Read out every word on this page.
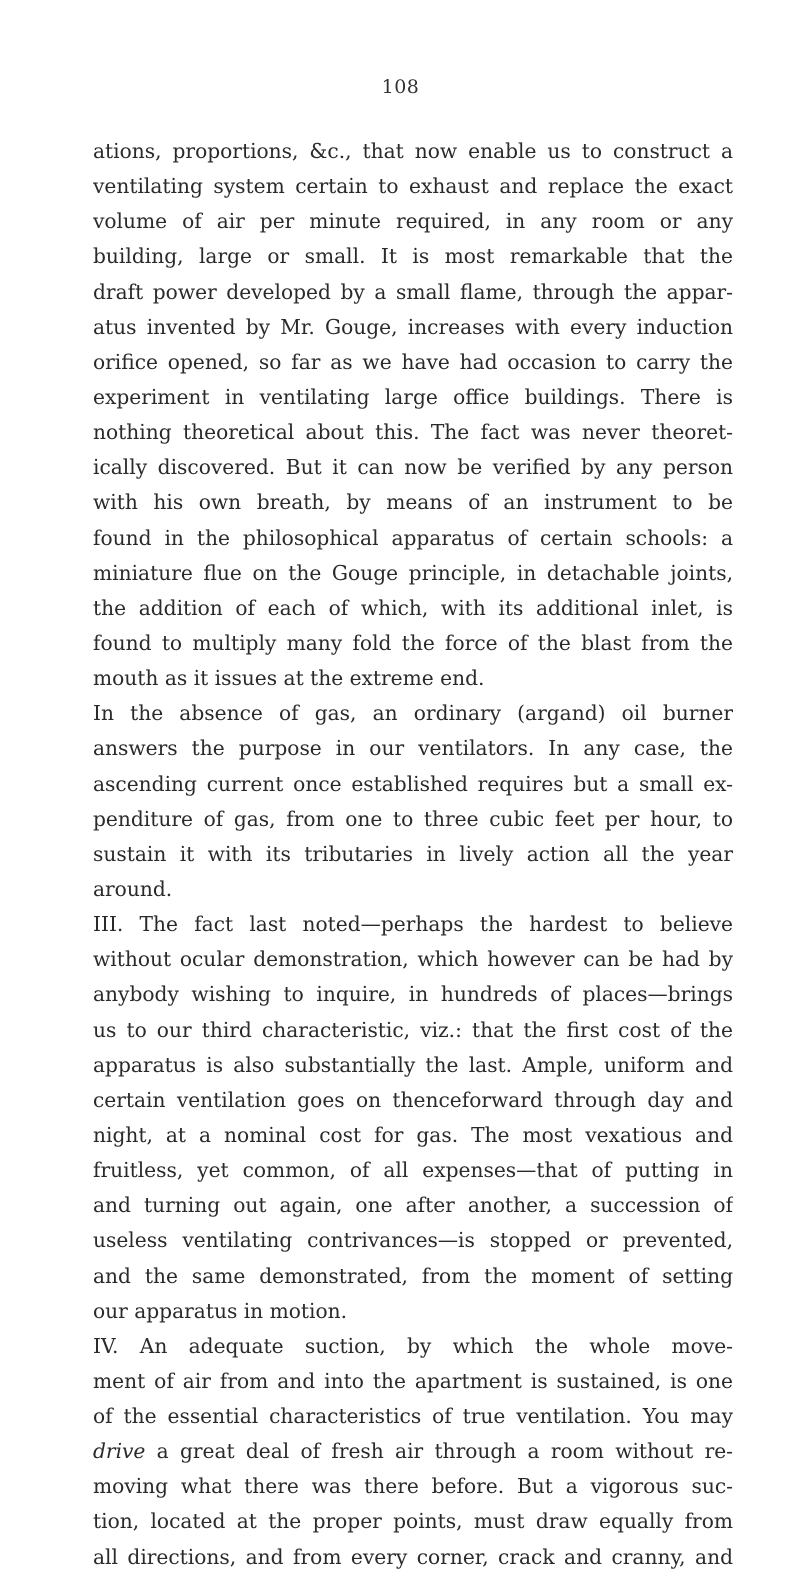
108
ations, proportions, &c., that now enable us to construct a
ventilating system certain to exhaust and replace the exact
volume of air per minute required, in any room or any
building, large or small. It is most remarkable that the
draft power developed by a small flame, through the appar-
atus invented by Mr. Gouge, increases with every induction
orifice opened, so far as we have had occasion to carry the
experiment in ventilating large office buildings. There is
nothing theoretical about this. The fact was never theoret-
ically discovered. But it can now be verified by any person
with his own breath, by means of an instrument to be
found in the philosophical apparatus of certain schools: a
miniature flue on the Gouge principle, in detachable joints,
the addition of each of which, with its additional inlet, is
found to multiply many fold the force of the blast from the
mouth as it issues at the extreme end.
In the absence of gas, an ordinary (argand) oil burner
answers the purpose in our ventilators. In any case, the
ascending current once established requires but a small ex-
penditure of gas, from one to three cubic feet per hour, to
sustain it with its tributaries in lively action all the year
around.
III. The fact last noted—perhaps the hardest to believe
without ocular demonstration, which however can be had by
anybody wishing to inquire, in hundreds of places—brings
us to our third characteristic, viz.: that the first cost of the
apparatus is also substantially the last. Ample, uniform and
certain ventilation goes on thenceforward through day and
night, at a nominal cost for gas. The most vexatious and
fruitless, yet common, of all expenses—that of putting in
and turning out again, one after another, a succession of
useless ventilating contrivances—is stopped or prevented,
and the same demonstrated, from the moment of setting
our apparatus in motion.
IV. An adequate suction, by which the whole move-
ment of air from and into the apartment is sustained, is one
of the essential characteristics of true ventilation. You may
drive a great deal of fresh air through a room without re-
moving what there was there before. But a vigorous suc-
tion, located at the proper points, must draw equally from
all directions, and from every corner, crack and cranny, and
